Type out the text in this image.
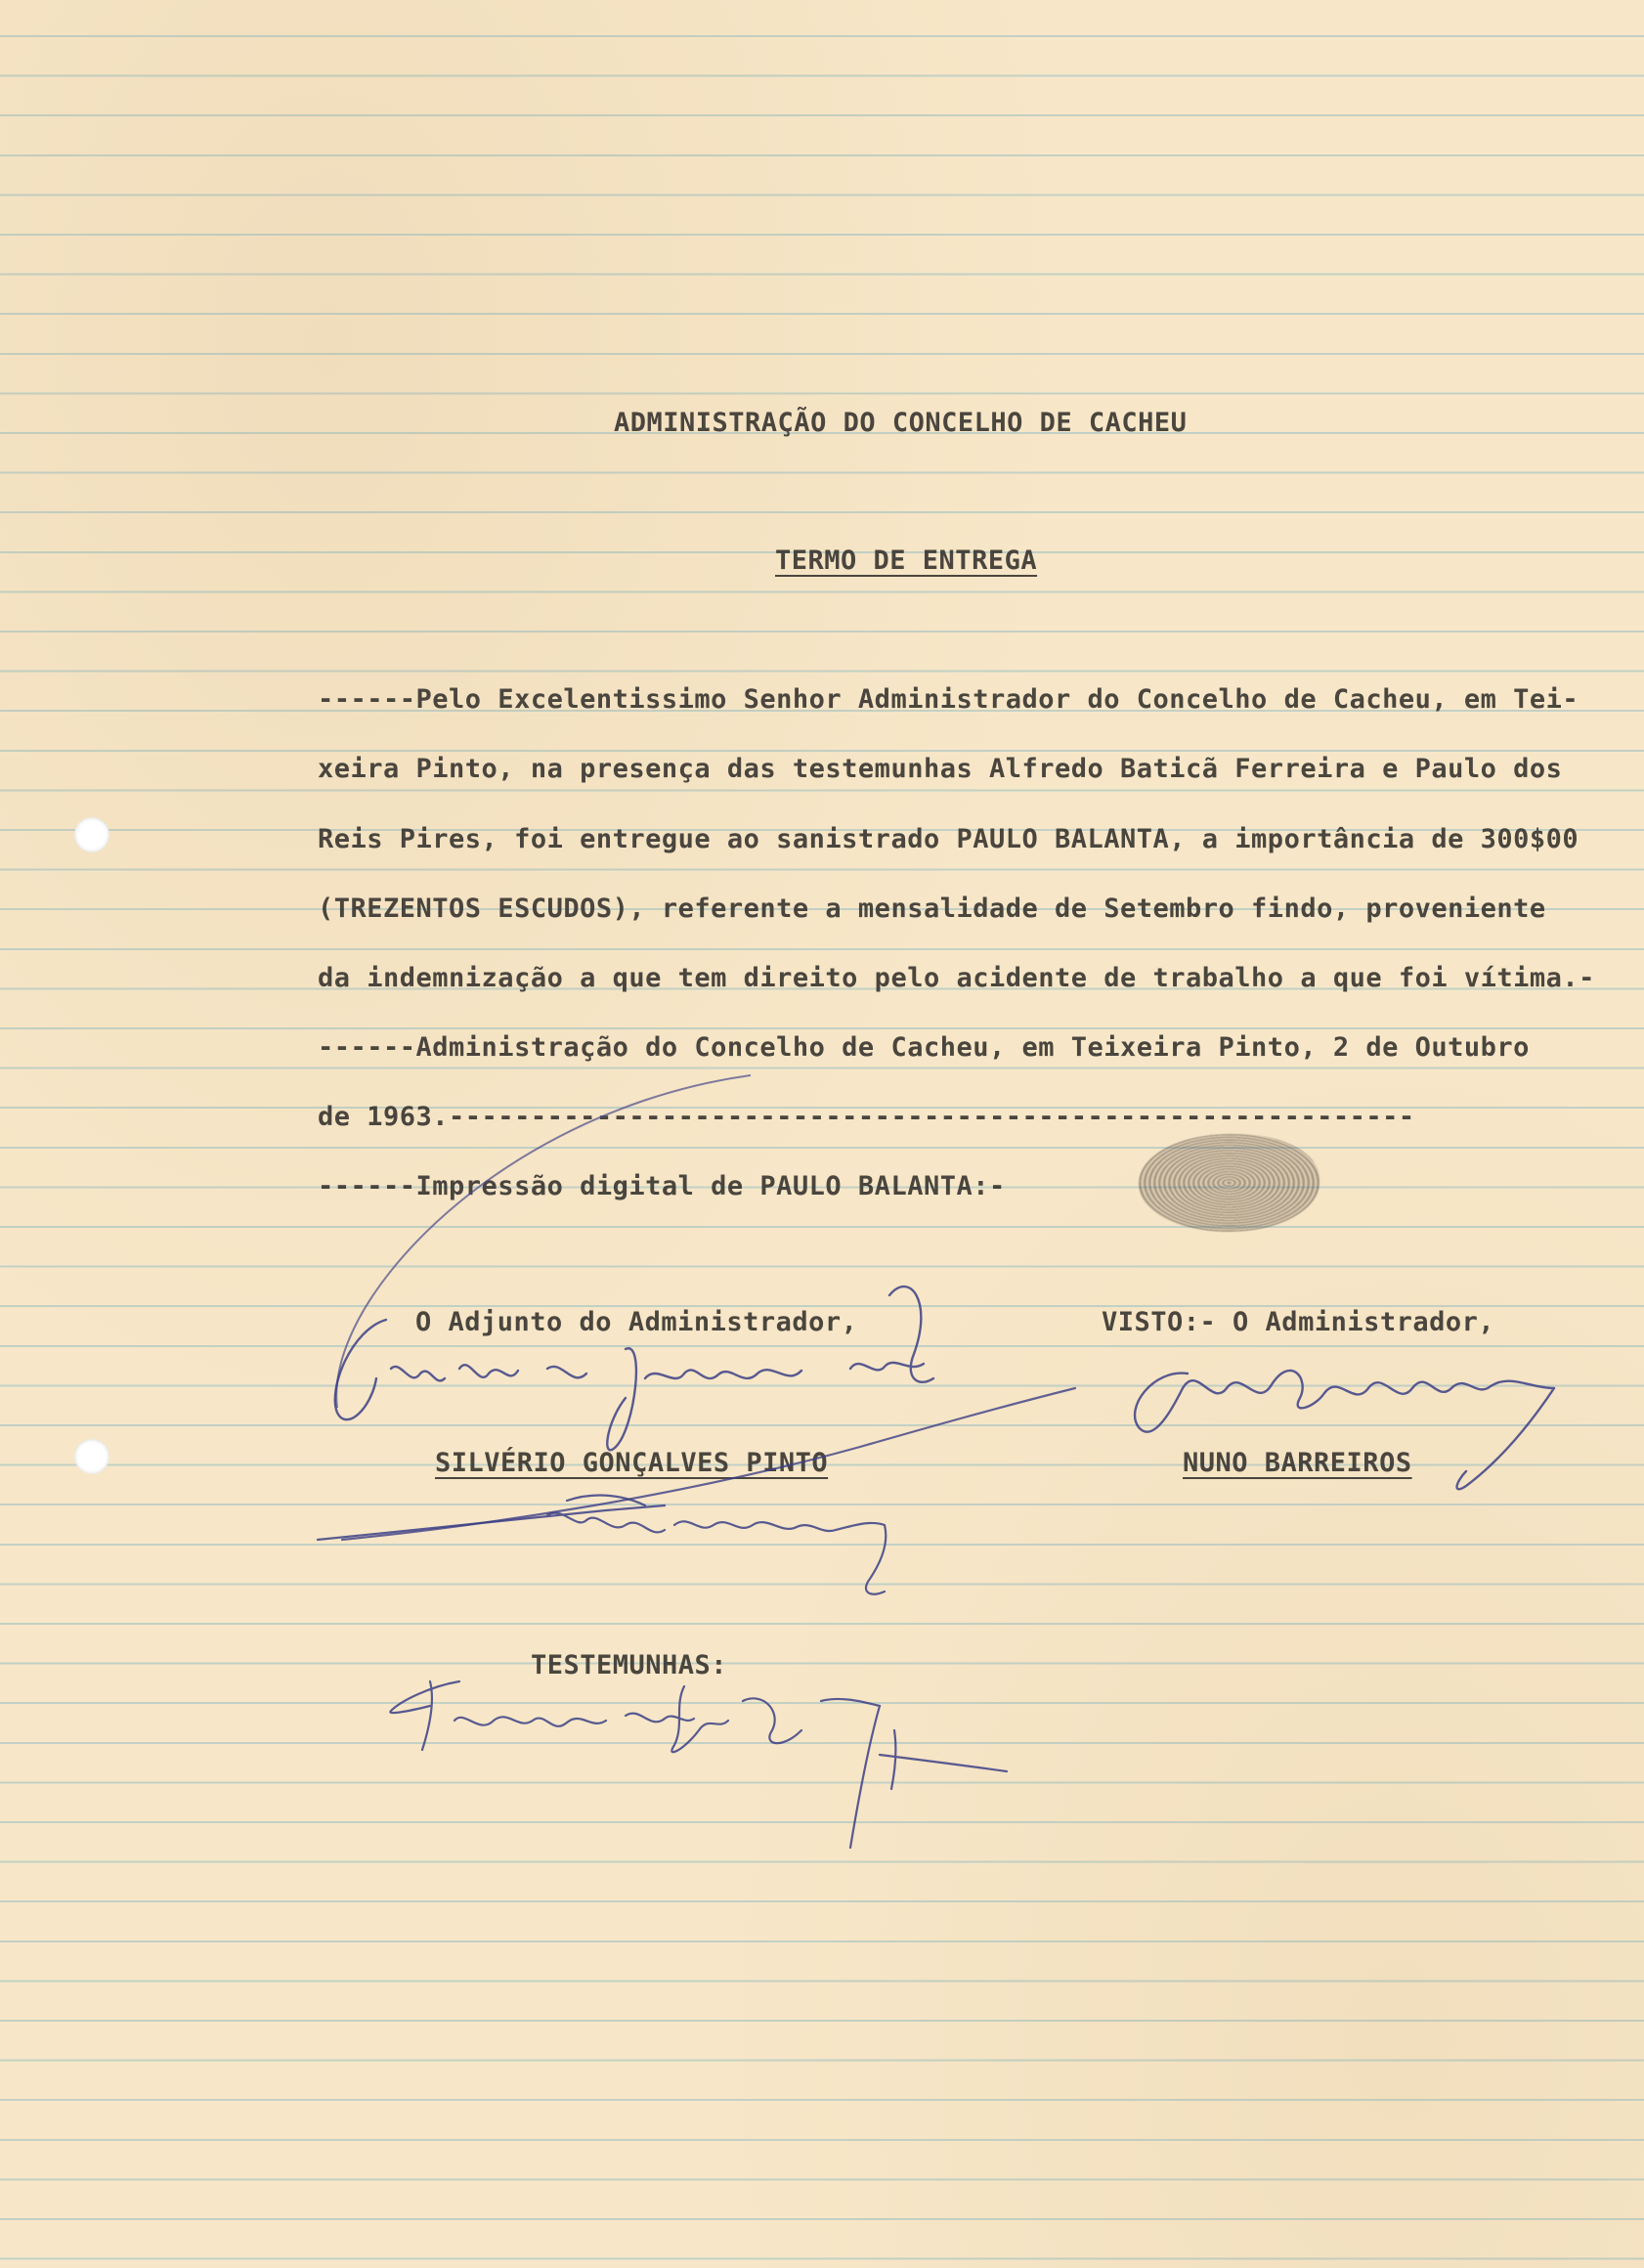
ADMINISTRAÇÃO DO CONCELHO DE CACHEU
TERMO DE ENTREGA
------Pelo Excelentissimo Senhor Administrador do Concelho de Cacheu, em Tei-
xeira Pinto, na presença das testemunhas Alfredo Baticã Ferreira e Paulo dos
Reis Pires, foi entregue ao sanistrado PAULO BALANTA, a importância de 300$00
(TREZENTOS ESCUDOS), referente a mensalidade de Setembro findo, proveniente
da indemnização a que tem direito pelo acidente de trabalho a que foi vítima.-
------Administração do Concelho de Cacheu, em Teixeira Pinto, 2 de Outubro
de 1963.-----------------------------------------------------------
------Impressão digital de PAULO BALANTA:-
O Adjunto do Administrador,	VISTO:- O Administrador,
SILVÉRIO GONÇALVES PINTO	NUNO BARREIROS
TESTEMUNHAS:
